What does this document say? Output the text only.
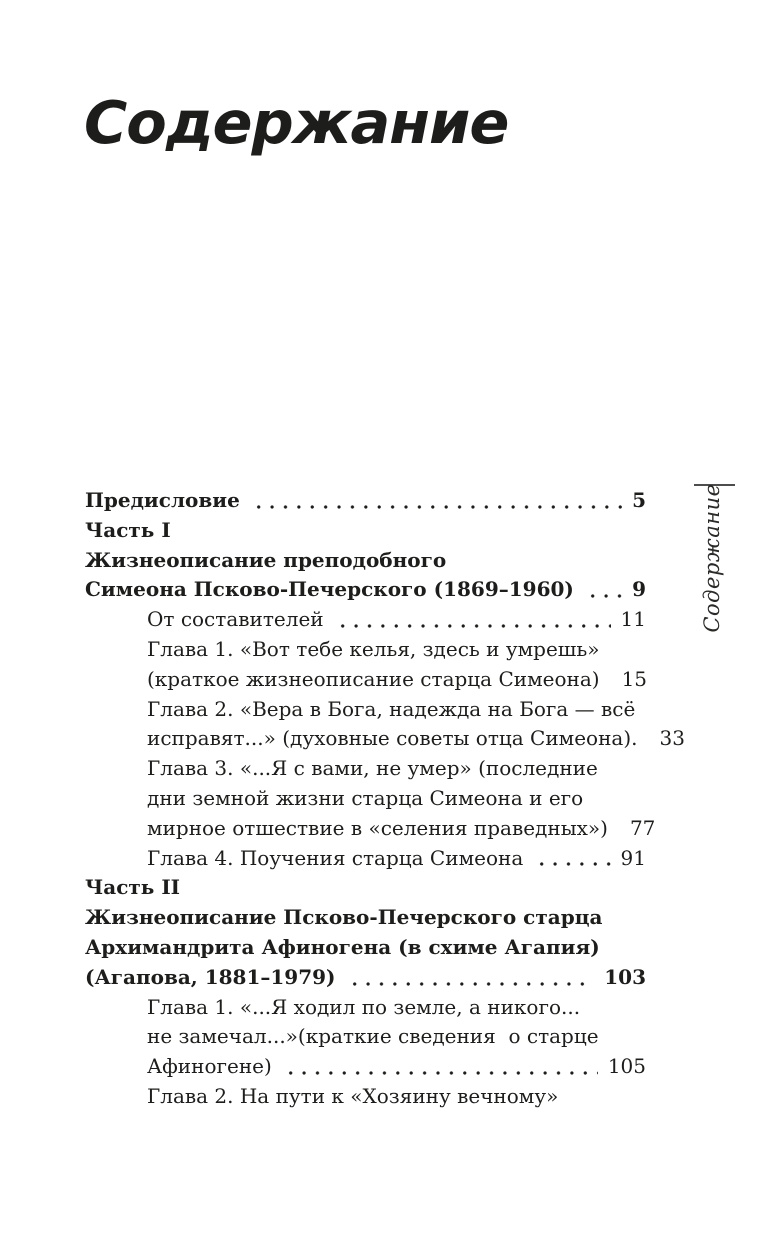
Содержание
Предисловие	5
Часть I
Жизнеописание преподобного
Симеона Псково-Печерского (1869–1960)	9
От составителей	11
Глава 1. «Вот тебе келья, здесь и умрешь»
(краткое жизнеописание старца Симеона) 15
Глава 2. «Вера в Бога, надежда на Бога — всё
исправят...» (духовные советы отца Симеона). 33
Глава 3. «...Я с вами, не умер» (последние
дни земной жизни старца Симеона и его
мирное отшествие в «селения праведных») 77
Глава 4. Поучения старца Симеона	91
Часть II
Жизнеописание Псково-Печерского старца
Архимандрита Афиногена (в схиме Агапия)
(Агапова, 1881–1979)	103
Глава 1. «...Я ходил по земле, а никого...
не замечал...»(краткие сведения  о старце
Афиногене)	105
Глава 2. На пути к «Хозяину вечному»
Содержание
